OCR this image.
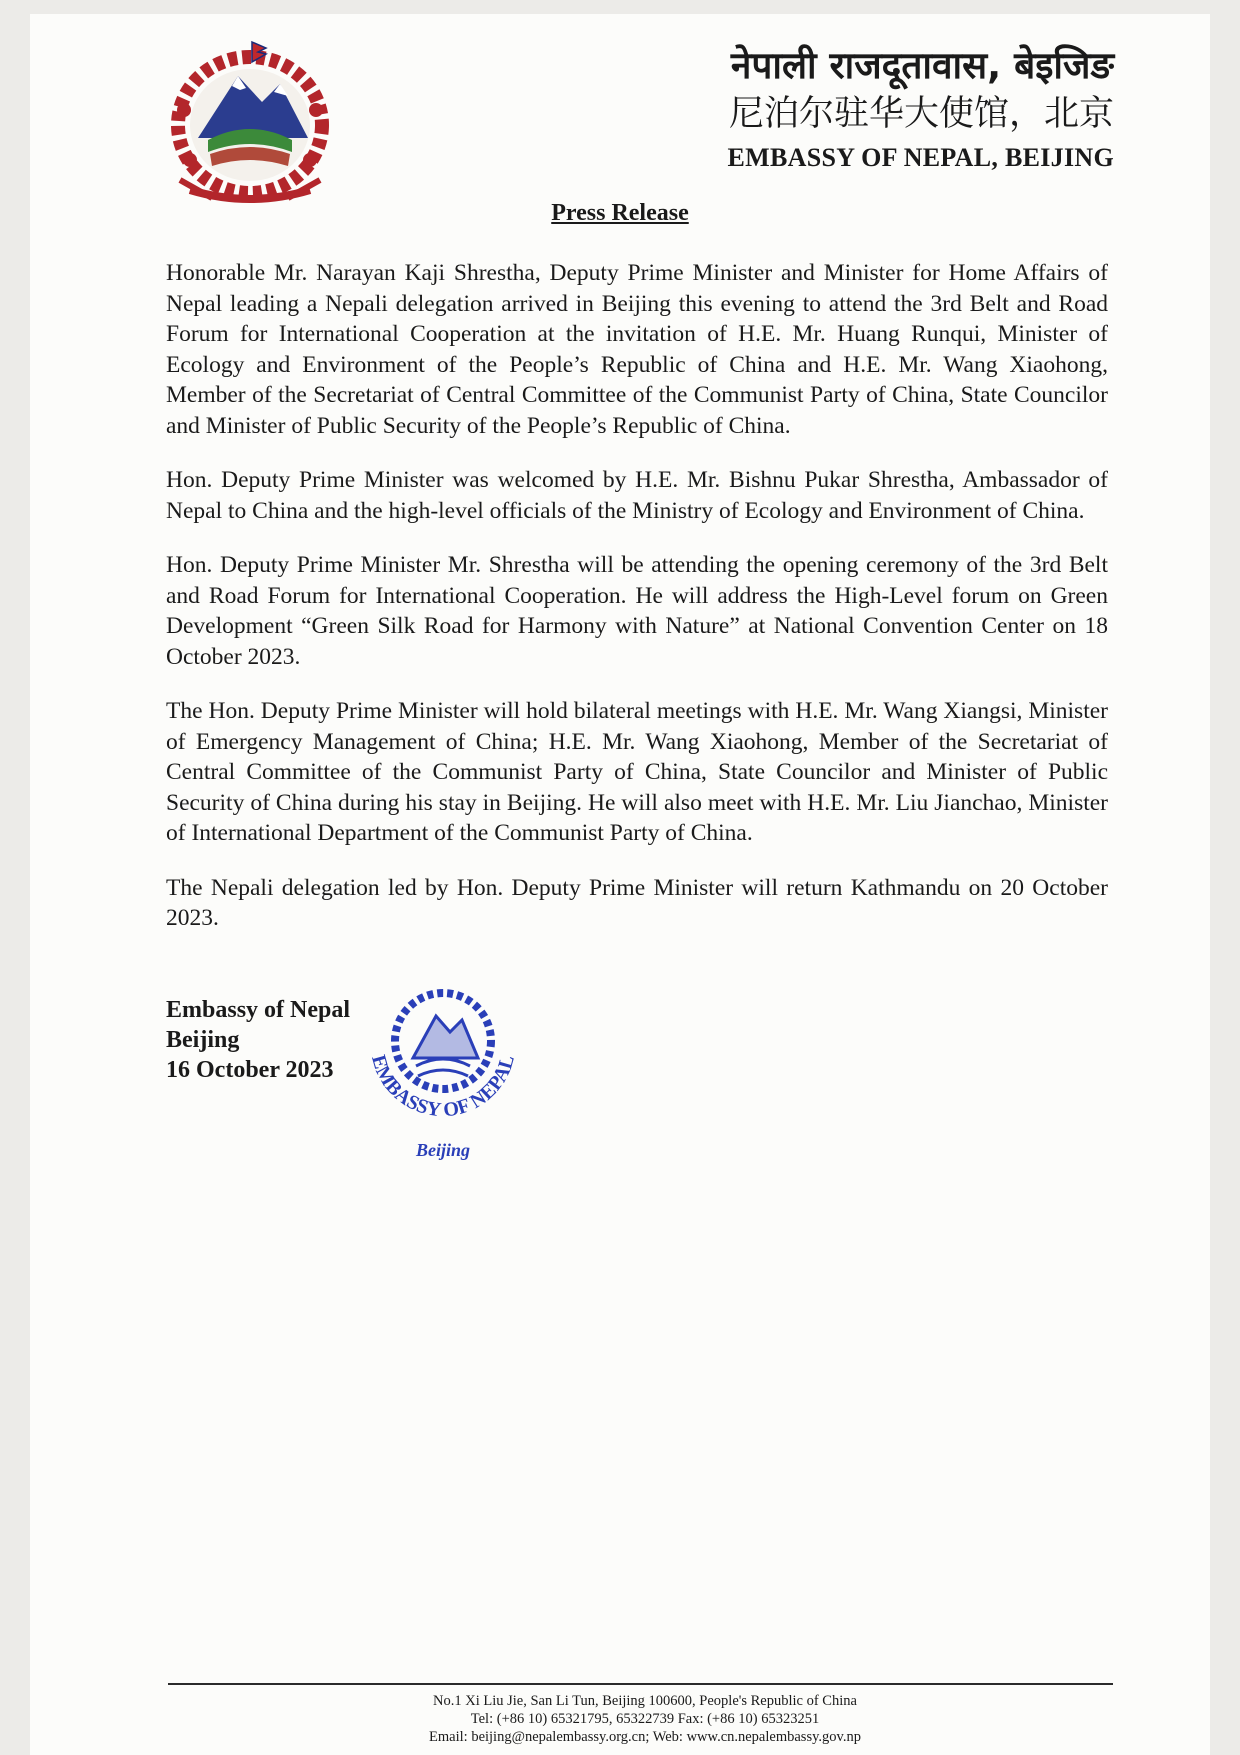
नेपाली राजदूतावास, बेइजिङ
尼泊尔驻华大使馆，北京
EMBASSY OF NEPAL, BEIJING
Press Release

Honorable Mr. Narayan Kaji Shrestha, Deputy Prime Minister and Minister for Home Affairs of Nepal leading a Nepali delegation arrived in Beijing this evening to attend the 3rd Belt and Road Forum for International Cooperation at the invitation of H.E. Mr. Huang Runqui, Minister of Ecology and Environment of the People’s Republic of China and H.E. Mr. Wang Xiaohong, Member of the Secretariat of Central Committee of the Communist Party of China, State Councilor and Minister of Public Security of the People’s Republic of China.

Hon. Deputy Prime Minister was welcomed by H.E. Mr. Bishnu Pukar Shrestha, Ambassador of Nepal to China and the high-level officials of the Ministry of Ecology and Environment of China.

Hon. Deputy Prime Minister Mr. Shrestha will be attending the opening ceremony of the 3rd Belt and Road Forum for International Cooperation. He will address the High-Level forum on Green Development “Green Silk Road for Harmony with Nature” at National Convention Center on 18 October 2023.

The Hon. Deputy Prime Minister will hold bilateral meetings with H.E. Mr. Wang Xiangsi, Minister of Emergency Management of China; H.E. Mr. Wang Xiaohong, Member of the Secretariat of Central Committee of the Communist Party of China, State Councilor and Minister of Public Security of China during his stay in Beijing. He will also meet with H.E. Mr. Liu Jianchao, Minister of International Department of the Communist Party of China.

The Nepali delegation led by Hon. Deputy Prime Minister will return Kathmandu on 20 October 2023.

Embassy of Nepal
Beijing
16 October 2023	EMBASSY OF NEPAL
Beijing
No.1 Xi Liu Jie, San Li Tun, Beijing 100600, People's Republic of China
Tel: (+86 10) 65321795, 65322739 Fax: (+86 10) 65323251
Email: beijing@nepalembassy.org.cn; Web: www.cn.nepalembassy.gov.np
